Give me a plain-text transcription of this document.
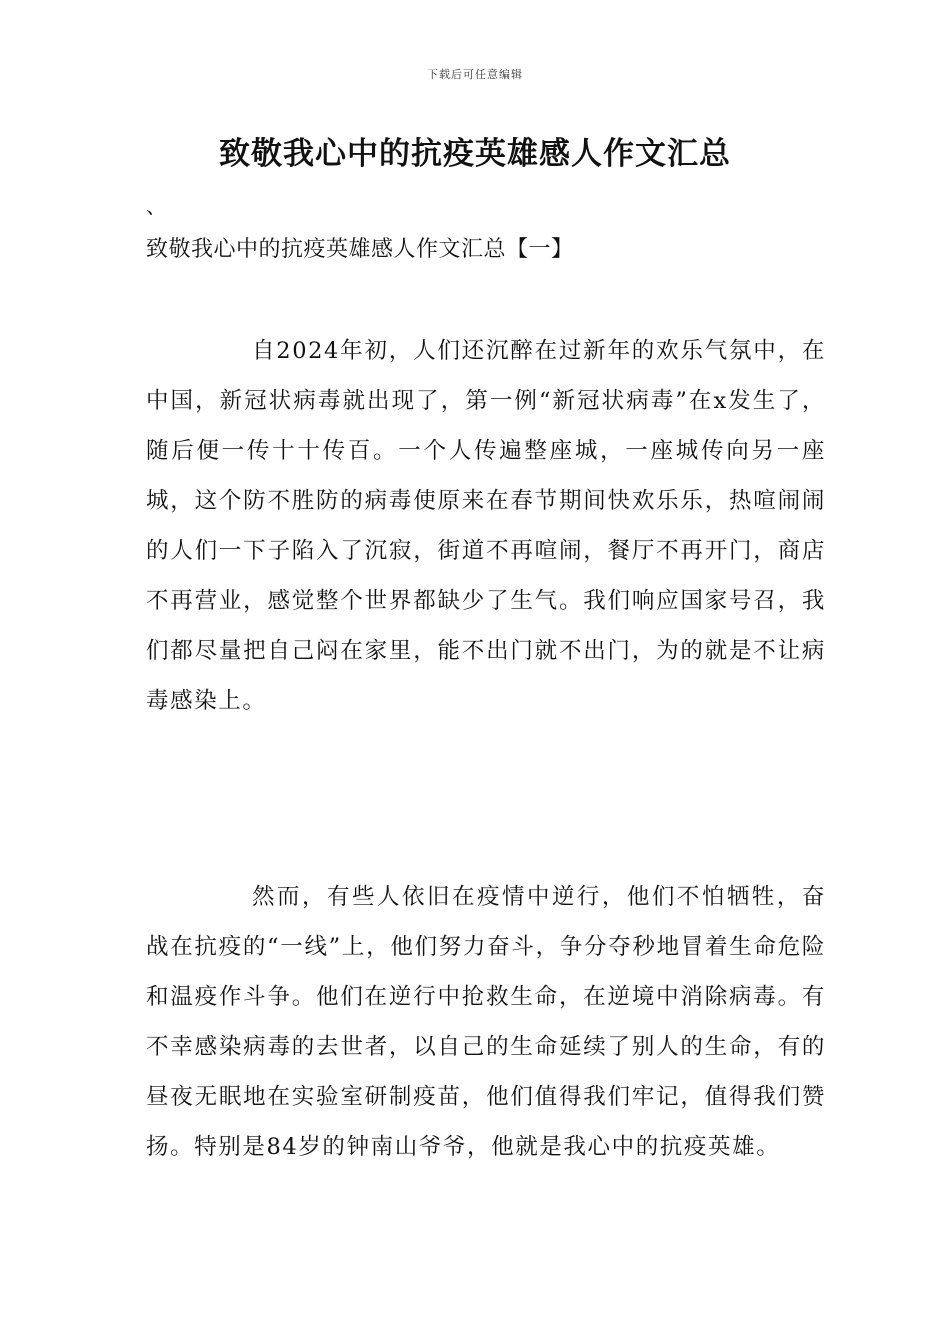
下载后可任意编辑
致敬我心中的抗疫英雄感人作文汇总
、
致敬我心中的抗疫英雄感人作文汇总【一】

自2024年初，人们还沉醉在过新年的欢乐气氛中，在中国，新冠状病毒就出现了，第一例“新冠状病毒”在x发生了，随后便一传十十传百。一个人传遍整座城，一座城传向另一座城，这个防不胜防的病毒使原来在春节期间快欢乐乐，热喧闹闹的人们一下子陷入了沉寂，街道不再喧闹，餐厅不再开门，商店不再营业，感觉整个世界都缺少了生气。我们响应国家号召，我们都尽量把自己闷在家里，能不出门就不出门，为的就是不让病毒感染上。

然而，有些人依旧在疫情中逆行，他们不怕牺牲，奋战在抗疫的“一线”上，他们努力奋斗，争分夺秒地冒着生命危险和温疫作斗争。他们在逆行中抢救生命，在逆境中消除病毒。有不幸感染病毒的去世者，以自己的生命延续了别人的生命，有的昼夜无眠地在实验室研制疫苗，他们值得我们牢记，值得我们赞扬。特别是84岁的钟南山爷爷，他就是我心中的抗疫英雄。
